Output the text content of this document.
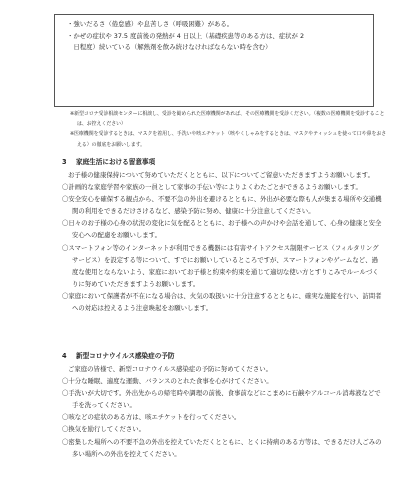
・強いだるさ（倦怠感）や息苦しさ（呼吸困難）がある。

・かぜの症状や 37.5 度前後の発熱が 4 日以上（基礎疾患等のある方は、症状が 2

　日程度）続いている（解熱剤を飲み続けなければならない時を含む）

※新型コロナ受診相談センターに相談し、受診を勧められた医療機関があれば、その医療機関を受診ください。（複数の医療機関を受診することは、お控えください）

※医療機関を受診するときは、マスクを着用し、手洗いや咳エチケット（咳やくしゃみをするときは、マスクやティッシュを使って口や鼻をおさえる）の徹底をお願いします。

3 家庭生活における留意事項

お子様の健康保持について努めていただくとともに、以下についてご留意いただきますようお願いします。

〇計画的な家庭学習や家族の一員として家事の手伝い等によりよくわたごとができるようお願いします。

〇安全安心を確保する観点から、不要不急の外出を避けるとともに、外出が必要な際も人が集まる場所や交通機関の利用をできるだけさけるなど、感染予防に努め、健康に十分注意してください。

〇日々のお子様の心身の状況の変化に気を配るとともに、お子様への声かけや会話を通して、心身の健康と安全安心への配慮をお願いします。

〇スマートフォン等のインターネットが利用できる機器には有害サイトアクセス制限サービス（フィルタリングサービス）を設定する等について、すでにお願いしているところですが、スマートフォンやゲームなど、過度な使用とならないよう、家庭においてお子様と約束や約束を通じて適切な使い方とすりこみでルールづくりに努めていただきますようお願いします。

〇家庭において保護者が不在になる場合は、火気の取扱いに十分注意するとともに、確実な施錠を行い、訪問者への対応は控えるよう注意喚起をお願いします。

4 新型コロナウイルス感染症の予防

ご家庭の皆様で、新型コロナウイルス感染症の予防に努めてください。

〇十分な睡眠、適度な運動、バランスのとれた食事を心がけてください。

〇手洗いが大切です。外出先からの帰宅時や調理の前後、食事前などにこまめに石鹸やアルコール消毒液などで手を洗ってください。

〇咳などの症状のある方は、咳エチケットを行ってください。

〇換気を励行してください。

〇密集した場所への不要不急の外出を控えていただくとともに、とくに持病のある方等は、できるだけ人ごみの多い場所への外出を控えてください。
